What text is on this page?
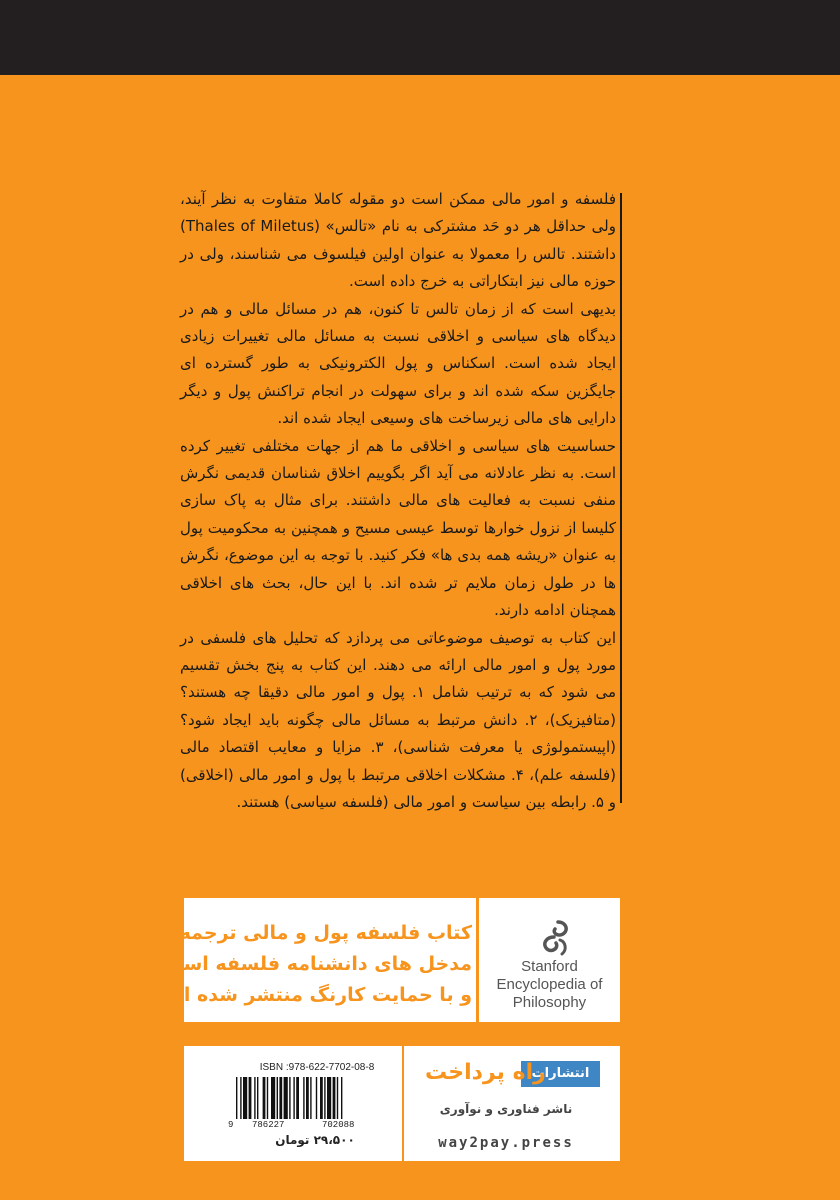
فلسفه و امور مالی ممکن است دو مقوله کاملا متفاوت به نظر آیند، ولی حداقل هر دو حَد مشترکی به نام «تالس» (Thales of Miletus) داشتند. تالس را معمولا به عنوان اولین فیلسوف می شناسند، ولی در حوزه مالی نیز ابتکاراتی به خرج داده است.

بدیهی است که از زمان تالس تا کنون، هم در مسائل مالی و هم در دیدگاه های سیاسی و اخلاقی نسبت به مسائل مالی تغییرات زیادی ایجاد شده است. اسکناس و پول الکترونیکی به طور گسترده ای جایگزین سکه شده اند و برای سهولت در انجام تراکنش پول و دیگر دارایی های مالی زیرساخت های وسیعی ایجاد شده اند.

حساسیت های سیاسی و اخلاقی ما هم از جهات مختلفی تغییر کرده است. به نظر عادلانه می آید اگر بگوییم اخلاق شناسان قدیمی نگرش منفی نسبت به فعالیت های مالی داشتند. برای مثال به پاک سازی کلیسا از نزول خوارها توسط عیسی مسیح و همچنین به محکومیت پول به عنوان «ریشه همه بدی ها» فکر کنید. با توجه به این موضوع، نگرش ها در طول زمان ملایم تر شده اند. با این حال، بحث های اخلاقی همچنان ادامه دارند.

این کتاب به توصیف موضوعاتی می پردازد که تحلیل های فلسفی در مورد پول و امور مالی ارائه می دهند. این کتاب به پنج بخش تقسیم می شود که به ترتیب شامل ۱. پول و امور مالی دقیقا چه هستند؟ (متافیزیک)، ۲. دانش مرتبط به مسائل مالی چگونه باید ایجاد شود؟ (اپیستمولوژی یا معرفت شناسی)، ۳. مزایا و معایب اقتصاد مالی (فلسفه علم)، ۴. مشکلات اخلاقی مرتبط با پول و امور مالی (اخلاقی) و ۵. رابطه بین سیاست و امور مالی (فلسفه سیاسی) هستند.

کتاب فلسفه پول و مالی ترجمه یکی از
مدخل های دانشنامه فلسفه استنفورد
و با حمایت کارنگ منتشر شده است
Stanford
Encyclopedia of
Philosophy
ISBN :978-622-7702-08-8
9 786227	702088
۲۹،۵۰۰ تومان
انتشارات
راه پرداخت
ناشر فناوری و نوآوری
way2pay.press
